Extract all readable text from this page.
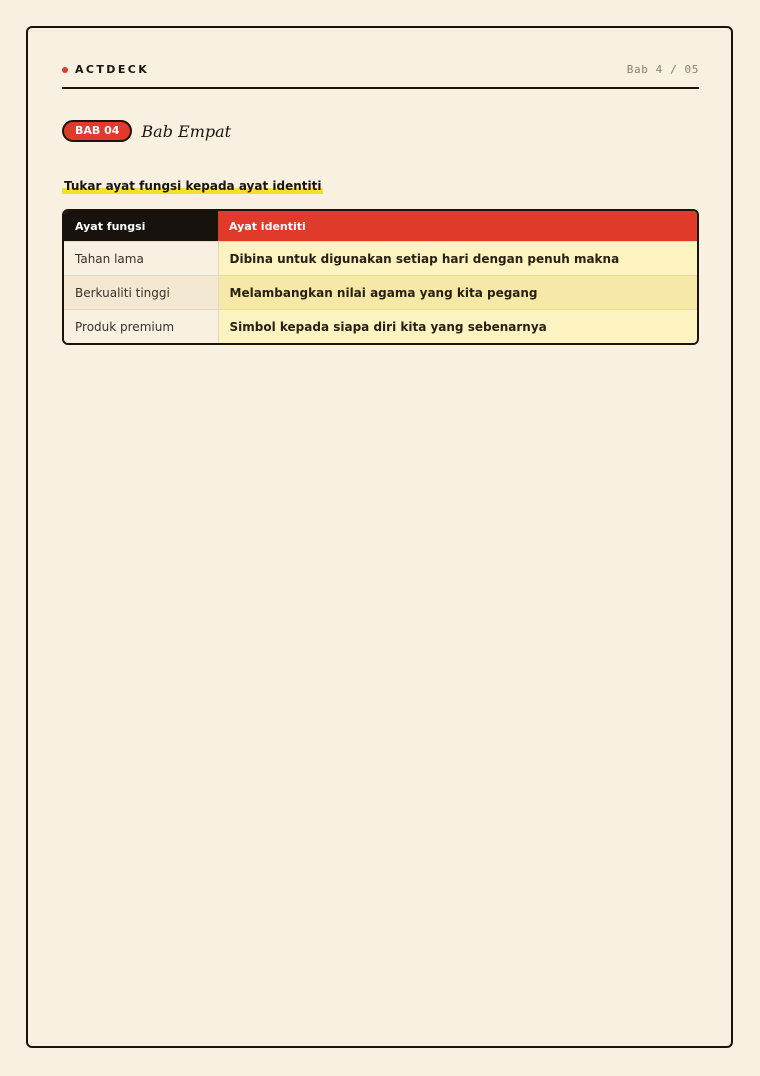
ACTDECK	Bab 4 / 05
BAB 04	Bab Empat
Tukar ayat fungsi kepada ayat identiti
Ayat fungsi	Ayat identiti
Tahan lama	Dibina untuk digunakan setiap hari dengan penuh makna
Berkualiti tinggi	Melambangkan nilai agama yang kita pegang
Produk premium	Simbol kepada siapa diri kita yang sebenarnya
